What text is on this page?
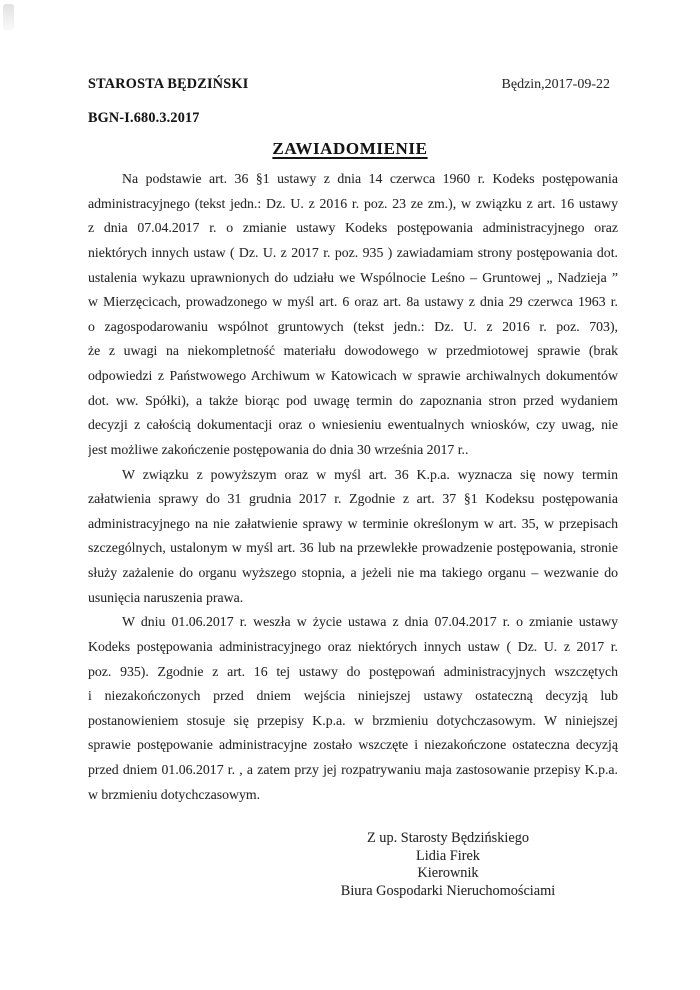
STAROSTA BĘDZIŃSKI	Będzin,2017-09-22
BGN-I.680.3.2017
ZAWIADOMIENIE
Na podstawie art. 36 §1 ustawy z dnia 14 czerwca 1960 r. Kodeks postępowania
administracyjnego (tekst jedn.: Dz. U. z 2016 r. poz. 23 ze zm.), w związku z art. 16 ustawy
z dnia 07.04.2017 r. o zmianie ustawy Kodeks postępowania administracyjnego oraz
niektórych innych ustaw ( Dz. U. z 2017 r. poz. 935 ) zawiadamiam strony postępowania dot.
ustalenia wykazu uprawnionych do udziału we Wspólnocie Leśno – Gruntowej „ Nadzieja ”
w Mierzęcicach, prowadzonego w myśl art. 6 oraz art. 8a ustawy z dnia 29 czerwca 1963 r.
o zagospodarowaniu wspólnot gruntowych (tekst jedn.: Dz. U. z 2016 r. poz. 703),
że z uwagi na niekompletność materiału dowodowego w przedmiotowej sprawie (brak
odpowiedzi z Państwowego Archiwum w Katowicach w sprawie archiwalnych dokumentów
dot. ww. Spółki), a także biorąc pod uwagę termin do zapoznania stron przed wydaniem
decyzji z całością dokumentacji oraz o wniesieniu ewentualnych wniosków, czy uwag, nie
jest możliwe zakończenie postępowania do dnia 30 września 2017 r..
W związku z powyższym oraz w myśl art. 36 K.p.a. wyznacza się nowy termin
załatwienia sprawy do 31 grudnia 2017 r. Zgodnie z art. 37 §1 Kodeksu postępowania
administracyjnego na nie załatwienie sprawy w terminie określonym w art. 35, w przepisach
szczególnych, ustalonym w myśl art. 36 lub na przewlekłe prowadzenie postępowania, stronie
służy zażalenie do organu wyższego stopnia, a jeżeli nie ma takiego organu – wezwanie do
usunięcia naruszenia prawa.
W dniu 01.06.2017 r. weszła w życie ustawa z dnia 07.04.2017 r. o zmianie ustawy
Kodeks postępowania administracyjnego oraz niektórych innych ustaw ( Dz. U. z 2017 r.
poz. 935). Zgodnie z art. 16 tej ustawy do postępowań administracyjnych wszczętych
i niezakończonych przed dniem wejścia niniejszej ustawy ostateczną decyzją lub
postanowieniem stosuje się przepisy K.p.a. w brzmieniu dotychczasowym. W niniejszej
sprawie postępowanie administracyjne zostało wszczęte i niezakończone ostateczna decyzją
przed dniem 01.06.2017 r. , a zatem przy jej rozpatrywaniu maja zastosowanie przepisy K.p.a.
w brzmieniu dotychczasowym.
Z up. Starosty Będzińskiego
Lidia Firek
Kierownik
Biura Gospodarki Nieruchomościami
